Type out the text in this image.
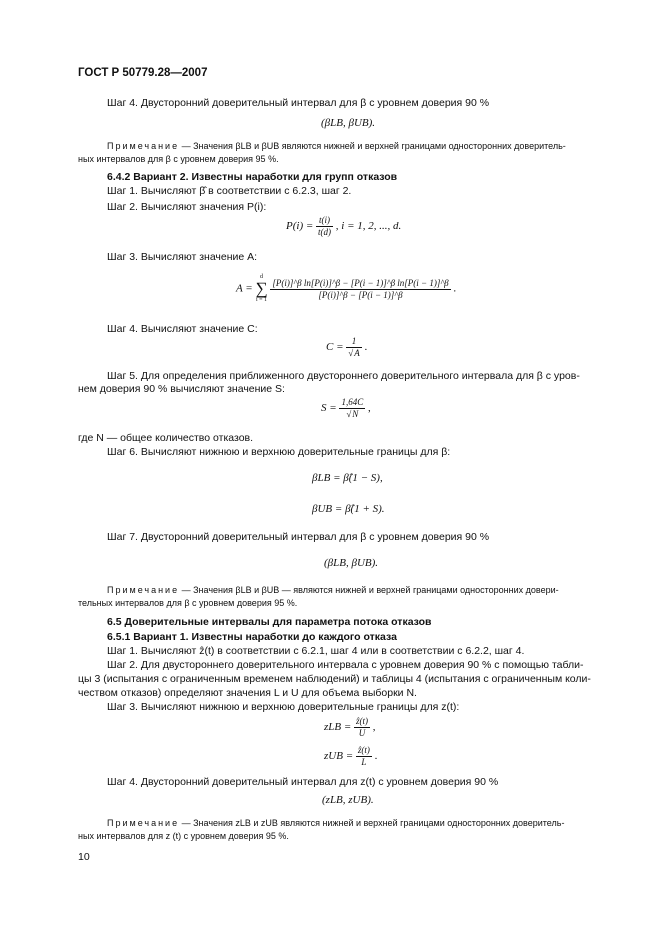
ГОСТ Р 50779.28—2007
Шаг 4. Двусторонний доверительный интервал для β с уровнем доверия 90 %
(βLB, βUB).
Примечание — Значения βLB и βUB являются нижней и верхней границами односторонних доверитель-
ных интервалов для β с уровнем доверия 95 %.
6.4.2 Вариант 2. Известны наработки для групп отказов
Шаг 1. Вычисляют β̂ в соответствии с 6.2.3, шаг 2.
Шаг 2. Вычисляют значения P(i):
$P(i) = \frac{t(i)}{t(d)}$ , i = 1, 2, ..., d.
Шаг 3. Вычисляют значение A:
A =
d
∑
i = 1
$\frac{\text{[P(i)]\textasciicircum{}β ln[P(i)]\textasciicircum{}β − [P(i − 1)]\textasciicircum{}β ln[P(i − 1)]\textasciicircum{}β}}{[P(i)]\^{}\beta - [P(i - 1)]\^{}\beta}$ .
Шаг 4. Вычисляют значение С:
$C = \frac{1}{√A}$ .
Шаг 5. Для определения приближенного двустороннего доверительного интервала для β с уров-
нем доверия 90 % вычисляют значение S:
$S = \frac{1,64C}{√N}$ ,
где N — общее количество отказов.
Шаг 6. Вычисляют нижнюю и верхнюю доверительные границы для β:
βLB = β̂(1 − S),
βUB = β̂(1 + S).
Шаг 7. Двусторонний доверительный интервал для β с уровнем доверия 90 %
(βLB, βUB).
Примечание — Значения βLB и βUB — являются нижней и верхней границами односторонних довери-
тельных интервалов для β с уровнем доверия 95 %.
6.5 Доверительные интервалы для параметра потока отказов
6.5.1 Вариант 1. Известны наработки до каждого отказа
Шаг 1. Вычисляют ẑ(t) в соответствии с 6.2.1, шаг 4 или в соответствии с 6.2.2, шаг 4.
Шаг 2. Для двустороннего доверительного интервала с уровнем доверия 90 % с помощью табли-
цы 3 (испытания с ограниченным временем наблюдений) и таблицы 4 (испытания с ограниченным коли-
чеством отказов) определяют значения L и U для объема выборки N.
Шаг 3. Вычисляют нижнюю и верхнюю доверительные границы для z(t):
zLB = $\frac{\text{ẑ(t)}}{U}$ ,
zUB = $\frac{\text{ẑ(t)}}{L}$ .
Шаг 4. Двусторонний доверительный интервал для z(t) с уровнем доверия 90 %
(zLB, zUB).
Примечание — Значения zLB и zUB являются нижней и верхней границами односторонних доверитель-
ных интервалов для z (t) с уровнем доверия 95 %.
10
